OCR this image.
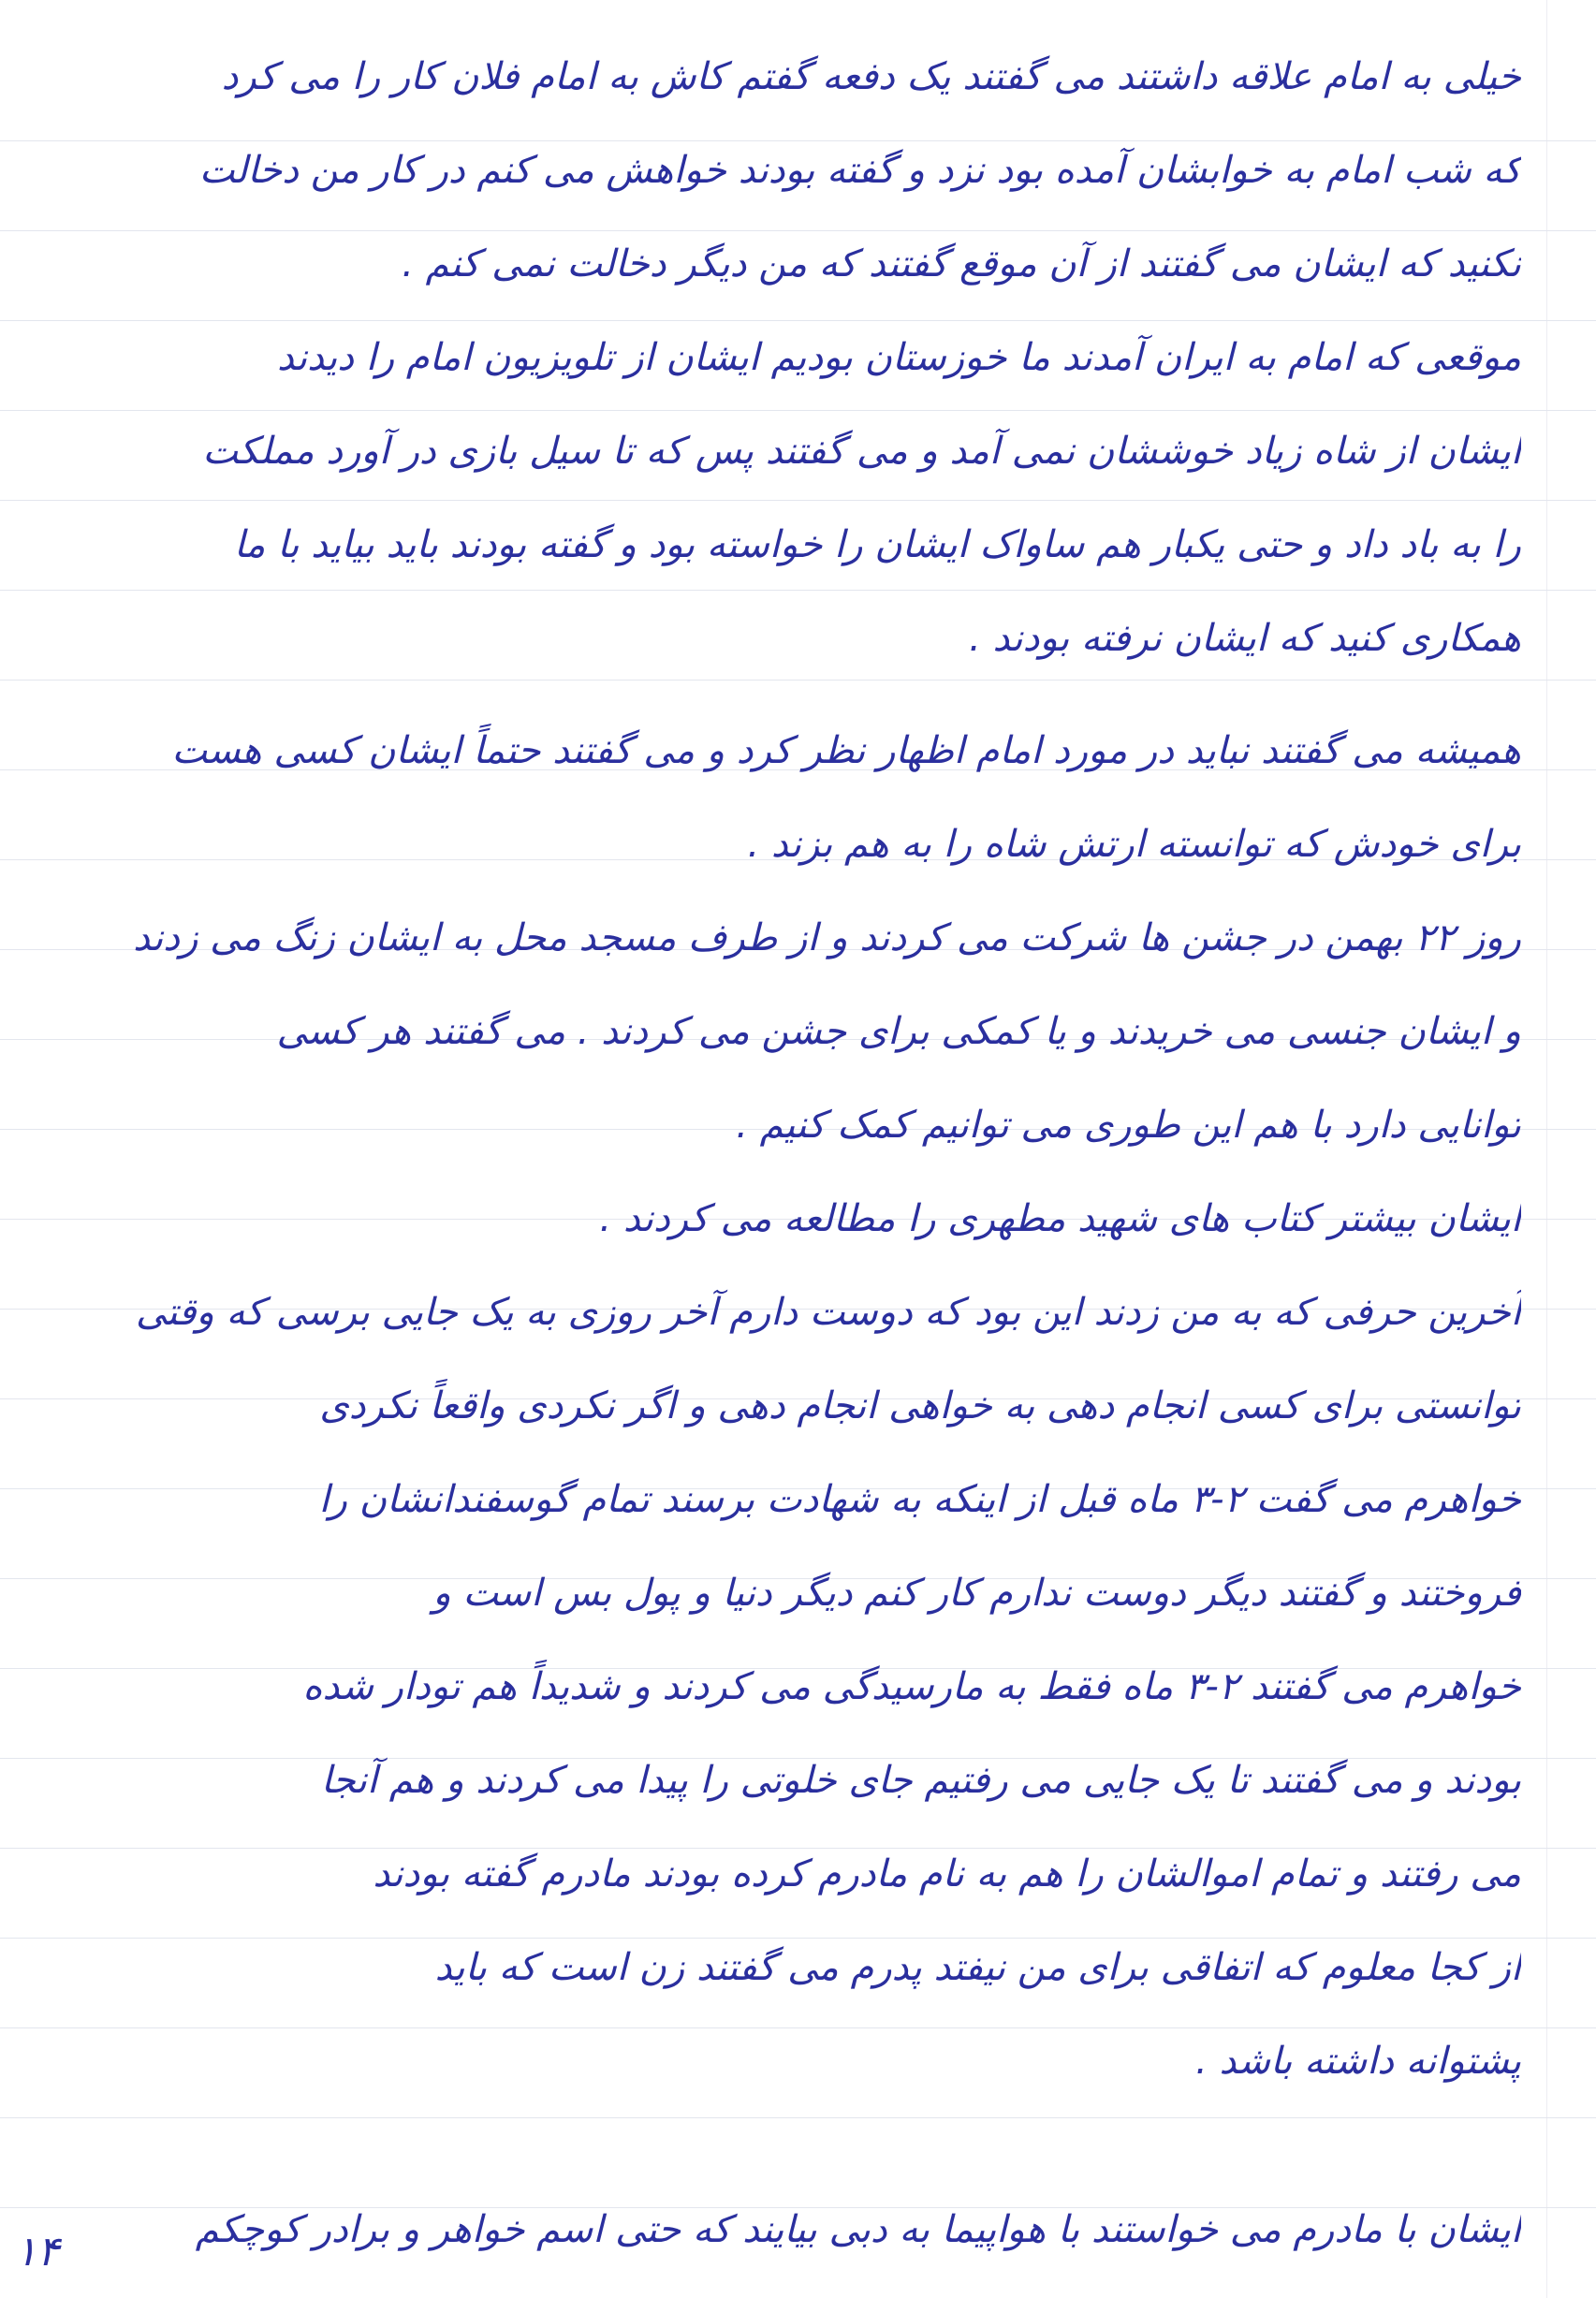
خیلی به امام علاقه داشتند می گفتند یک دفعه گفتم کاش به امام فلان کار را می کرد
که شب امام به خوابشان آمده بود نزد و گفته بودند خواهش می کنم در کار من دخالت
نکنید که ایشان می گفتند از آن موقع گفتند که من دیگر دخالت نمی کنم .
موقعی که امام به ایران آمدند ما خوزستان بودیم ایشان از تلویزیون امام را دیدند
ایشان از شاه زیاد خوششان نمی آمد و می گفتند پس که تا سیل بازی در آورد مملکت
را به باد داد و حتی یکبار هم ساواک ایشان را خواسته بود و گفته بودند باید بیاید با ما
همکاری کنید که ایشان نرفته بودند .
همیشه می گفتند نباید در مورد امام اظهار نظر کرد و می گفتند حتماً ایشان کسی هست
برای خودش که توانسته ارتش شاه را به هم بزند .
روز ۲۲ بهمن در جشن ها شرکت می کردند و از طرف مسجد محل به ایشان زنگ می زدند
و ایشان جنسی می خریدند و یا کمکی برای جشن می کردند . می گفتند هر کسی
توانایی دارد با هم این طوری می توانیم کمک کنیم .
ایشان بیشتر کتاب های شهید مطهری را مطالعه می کردند .
آخرین حرفی که به من زدند این بود که دوست دارم آخر روزی به یک جایی برسی که وقتی
توانستی برای کسی انجام دهی به خواهی انجام دهی و اگر نکردی واقعاً نکردی
خواهرم می گفت ۲-۳ ماه قبل از اینکه به شهادت برسند تمام گوسفندانشان را
فروختند و گفتند دیگر دوست ندارم کار کنم دیگر دنیا و پول بس است و
خواهرم می گفتند ۲-۳ ماه فقط به مارسیدگی می کردند و شدیداً هم تودار شده
بودند و می گفتند تا یک جایی می رفتیم جای خلوتی را پیدا می کردند و هم آنجا
می رفتند و تمام اموالشان را هم به نام مادرم کرده بودند مادرم گفته بودند
از کجا معلوم که اتفاقی برای من نیفتد پدرم می گفتند زن است که باید
پشتوانه داشته باشد .
ایشان با مادرم می خواستند با هواپیما به دبی بیایند که حتی اسم خواهر و برادر کوچکم
۱۴
